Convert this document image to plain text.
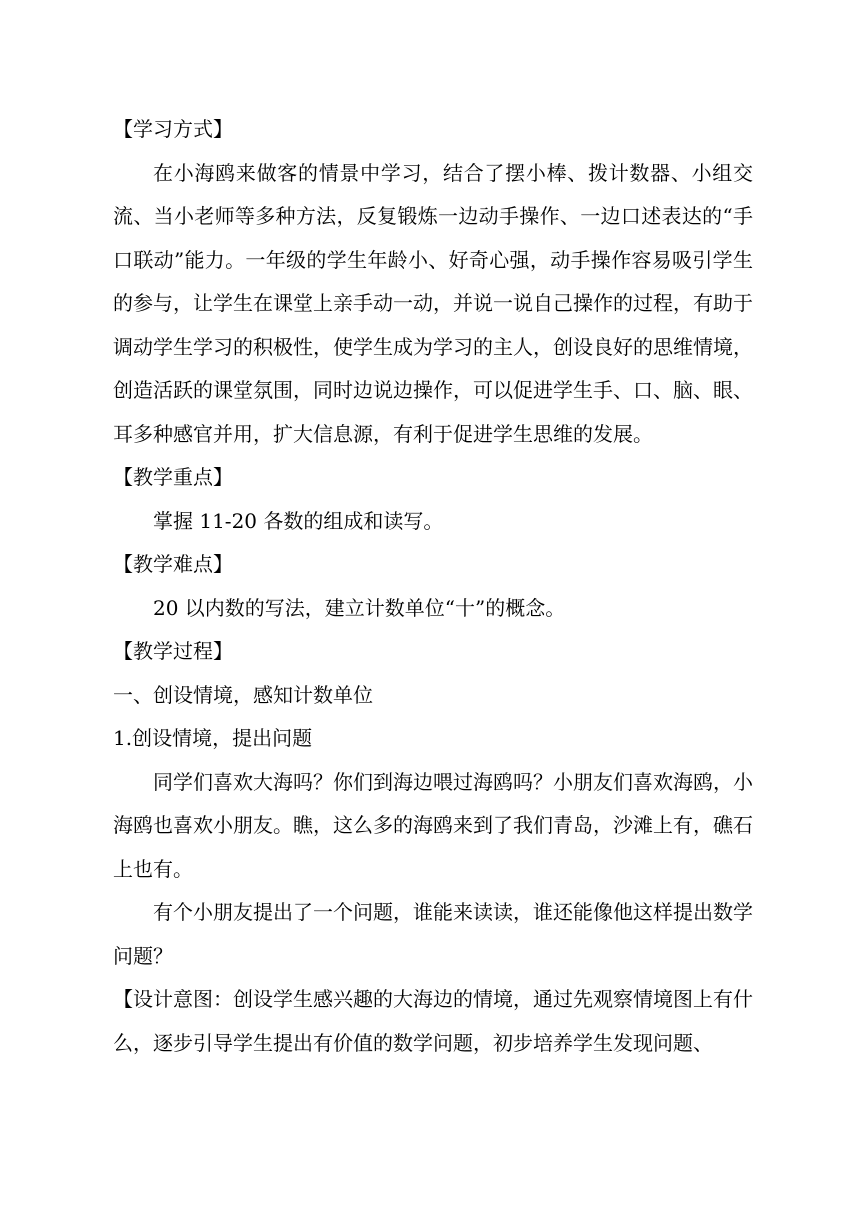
【学习方式】

在小海鸥来做客的情景中学习，结合了摆小棒、拨计数器、小组交流、当小老师等多种方法，反复锻炼一边动手操作、一边口述表达的“手口联动”能力。一年级的学生年龄小、好奇心强，动手操作容易吸引学生的参与，让学生在课堂上亲手动一动，并说一说自己操作的过程，有助于调动学生学习的积极性，使学生成为学习的主人，创设良好的思维情境，创造活跃的课堂氛围，同时边说边操作，可以促进学生手、口、脑、眼、耳多种感官并用，扩大信息源，有利于促进学生思维的发展。

【教学重点】

掌握 11-20 各数的组成和读写。

【教学难点】

20 以内数的写法，建立计数单位“十”的概念。

【教学过程】

一、创设情境，感知计数单位

1.创设情境，提出问题

同学们喜欢大海吗？你们到海边喂过海鸥吗？小朋友们喜欢海鸥，小海鸥也喜欢小朋友。瞧，这么多的海鸥来到了我们青岛，沙滩上有，礁石上也有。

有个小朋友提出了一个问题，谁能来读读，谁还能像他这样提出数学问题？

【设计意图：创设学生感兴趣的大海边的情境，通过先观察情境图上有什么，逐步引导学生提出有价值的数学问题，初步培养学生发现问题、
